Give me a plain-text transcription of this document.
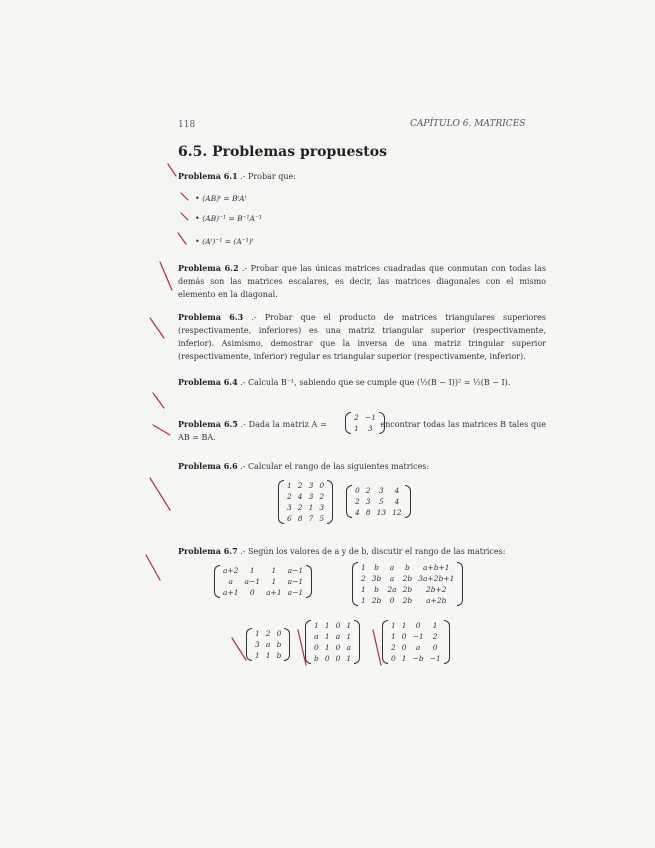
118	CAPÍTULO 6. MATRICES
6.5. Problemas propuestos
Problema 6.1 .- Probar que:
• (AB)ᵗ = BᵗAᵗ
• (AB)⁻¹ = B⁻¹A⁻¹
• (Aᵗ)⁻¹ = (A⁻¹)ᵗ
Problema 6.2 .- Probar que las únicas matrices cuadradas que conmutan con todas las demás son las matrices escalares, es decir, las matrices diagonales con el mismo elemento en la diagonal.
Problema 6.3 .- Probar que el producto de matrices triangulares superiores (respectivamente, inferiores) es una matriz triangular superior (respectivamente, inferior). Asimismo, demostrar que la inversa de una matriz tringular superior (respectivamente, inferior) regular es triangular superior (respectivamente, inferior).
Problema 6.4 .- Calcula B⁻¹, sabiendo que se cumple que (½(B − I))² = ½(B − I).
Problema 6.5 .- Dada la matriz A =	encontrar todas las matrices B tales que AB = BA.
2	−1
1	3
Problema 6.6 .- Calcular el rango de las siguientes matrices:
1	2	3	0
2	4	3	2
3	2	1	3
6	8	7	5
0	2	3	4
2	3	5	4
4	8	13	12
Problema 6.7 .- Según los valores de a y de b, discutir el rango de las matrices:
a+2	1	1	a−1
a	a−1	1	a−1
a+1	0	a+1	a−1
1	b	a	b	a+b+1
2	3b	a	2b	3a+2b+1
1	b	2a	2b	2b+2
1	2b	0	2b	a+2b
1	2	0
3	a	b
1	1	b
1	1	0	1
a	1	a	1
0	1	0	a
b	0	0	1
1	1	0	1
1	0	−1	2
2	0	a	0
0	1	−b	−1
